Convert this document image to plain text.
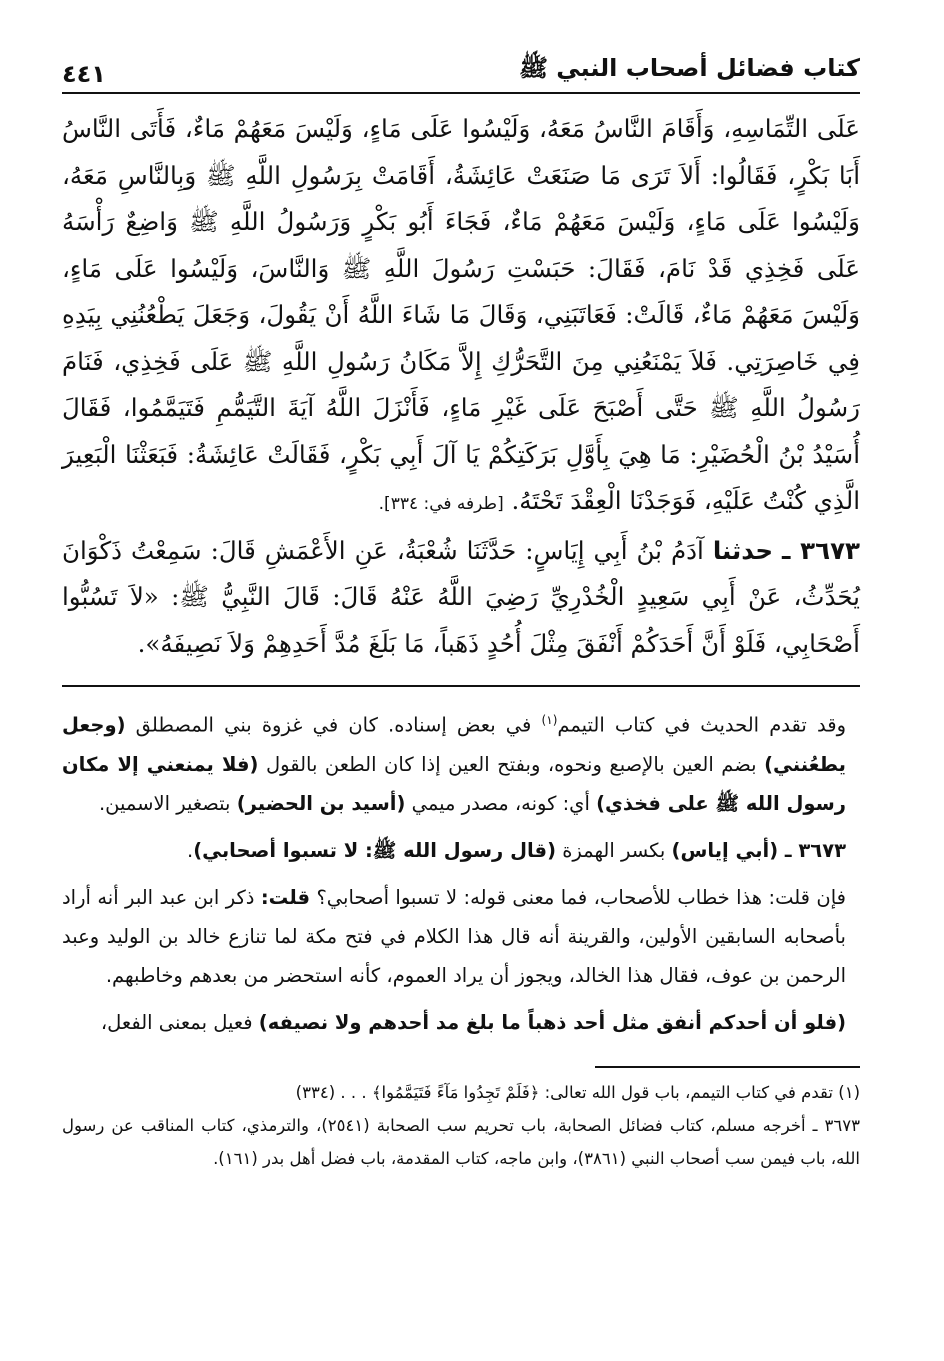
كتاب فضائل أصحاب النبي ﷺ
٤٤١

عَلَى التِّمَاسِهِ، وَأَقَامَ النَّاسُ مَعَهُ، وَلَيْسُوا عَلَى مَاءٍ، وَلَيْسَ مَعَهُمْ مَاءٌ، فَأَتَى النَّاسُ أَبَا بَكْرٍ، فَقَالُوا: أَلاَ تَرَى مَا صَنَعَتْ عَائِشَةُ، أَقَامَتْ بِرَسُولِ اللَّهِ ﷺ وَبِالنَّاسِ مَعَهُ، وَلَيْسُوا عَلَى مَاءٍ، وَلَيْسَ مَعَهُمْ مَاءٌ، فَجَاءَ أَبُو بَكْرٍ وَرَسُولُ اللَّهِ ﷺ وَاضِعٌ رَأْسَهُ عَلَى فَخِذِي قَدْ نَامَ، فَقَالَ: حَبَسْتِ رَسُولَ اللَّهِ ﷺ وَالنَّاسَ، وَلَيْسُوا عَلَى مَاءٍ، وَلَيْسَ مَعَهُمْ مَاءٌ، قَالَتْ: فَعَاتَبَنِي، وَقَالَ مَا شَاءَ اللَّهُ أَنْ يَقُولَ، وَجَعَلَ يَطْعُنُنِي بِيَدِهِ فِي خَاصِرَتِي. فَلاَ يَمْنَعُنِي مِنَ التَّحَرُّكِ إِلاَّ مَكَانُ رَسُولِ اللَّهِ ﷺ عَلَى فَخِذِي، فَنَامَ رَسُولُ اللَّهِ ﷺ حَتَّى أَصْبَحَ عَلَى غَيْرِ مَاءٍ، فَأَنْزَلَ اللَّهُ آيَةَ التَّيَمُّمِ فَتَيَمَّمُوا، فَقَالَ أُسَيْدُ بْنُ الْحُضَيْرِ: مَا هِيَ بِأَوَّلِ بَرَكَتِكُمْ يَا آلَ أَبِي بَكْرٍ، فَقَالَتْ عَائِشَةُ: فَبَعَثْنَا الْبَعِيرَ الَّذِي كُنْتُ عَلَيْهِ، فَوَجَدْنَا الْعِقْدَ تَحْتَهُ. [طرفه في: ٣٣٤].

٣٦٧٣ ـ حدثنا آدَمُ بْنُ أَبِي إِيَاسٍ: حَدَّثَنَا شُعْبَةُ، عَنِ الأَعْمَشِ قَالَ: سَمِعْتُ ذَكْوَانَ يُحَدِّثُ، عَنْ أَبِي سَعِيدٍ الْخُدْرِيِّ رَضِيَ اللَّهُ عَنْهُ قَالَ: قَالَ النَّبِيُّ ﷺ: «لاَ تَسُبُّوا أَصْحَابِي، فَلَوْ أَنَّ أَحَدَكُمْ أَنْفَقَ مِثْلَ أُحُدٍ ذَهَباً، مَا بَلَغَ مُدَّ أَحَدِهِمْ وَلاَ نَصِيفَهُ».

وقد تقدم الحديث في كتاب التيمم$^{(١)}$ في بعض إسناده. كان في غزوة بني المصطلق (وجعل يطعُنني) بضم العين بالإصبع ونحوه، وبفتح العين إذا كان الطعن بالقول (فلا يمنعني إلا مكان رسول الله ﷺ على فخذي) أي: كونه، مصدر ميمي (أسيد بن الحضير) بتصغير الاسمين.

٣٦٧٣ ـ (أبي إياس) بكسر الهمزة (قال رسول الله ﷺ: لا تسبوا أصحابي).

فإن قلت: هذا خطاب للأصحاب، فما معنى قوله: لا تسبوا أصحابي؟ قلت: ذكر ابن عبد البر أنه أراد بأصحابه السابقين الأولين، والقرينة أنه قال هذا الكلام في فتح مكة لما تنازع خالد بن الوليد وعبد الرحمن بن عوف، فقال هذا الخالد، ويجوز أن يراد العموم، كأنه استحضر من بعدهم وخاطبهم.

(فلو أن أحدكم أنفق مثل أحد ذهباً ما بلغ مد أحدهم ولا نصيفه) فعيل بمعنى الفعل،

(١) تقدم في كتاب التيمم، باب قول الله تعالى: ﴿فَلَمْ تَجِدُوا مَآءً فَتَيَمَّمُوا﴾ . . . (٣٣٤)

٣٦٧٣ ـ أخرجه مسلم، كتاب فضائل الصحابة، باب تحريم سب الصحابة (٢٥٤١)، والترمذي، كتاب المناقب عن رسول الله، باب فيمن سب أصحاب النبي (٣٨٦١)، وابن ماجه، كتاب المقدمة، باب فضل أهل بدر (١٦١).
